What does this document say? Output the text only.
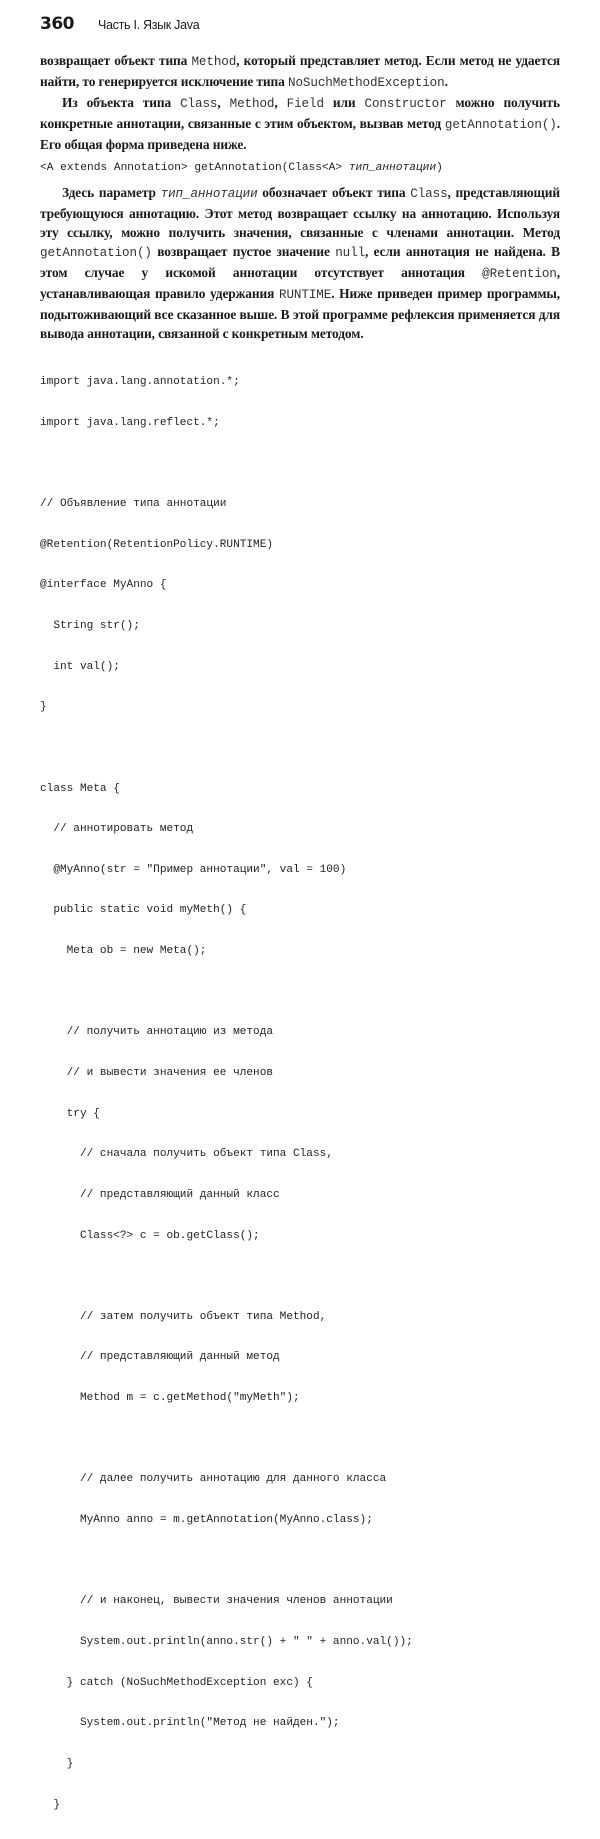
360	Часть I. Язык Java

возвращает объект типа Method, который представляет метод. Если метод не удается найти, то генерируется исключение типа NoSuchMethodException.

Из объекта типа Class, Method, Field или Constructor можно получить конкретные аннотации, связанные с этим объектом, вызвав метод getAnnotation(). Его общая форма приведена ниже.

<A extends Annotation> getAnnotation(Class<A> тип_аннотации)

Здесь параметр тип_аннотации обозначает объект типа Class, представляющий требующуюся аннотацию. Этот метод возвращает ссылку на аннотацию. Используя эту ссылку, можно получить значения, связанные с членами аннотации. Метод getAnnotation() возвращает пустое значение null, если аннотация не найдена. В этом случае у искомой аннотации отсутствует аннотация @Retention, устанавливающая правило удержания RUNTIME. Ниже приведен пример программы, подытоживающий все сказанное выше. В этой программе рефлексия применяется для вывода аннотации, связанной с конкретным методом.

import java.lang.annotation.*;

import java.lang.reflect.*;

// Объявление типа аннотации

@Retention(RetentionPolicy.RUNTIME)

@interface MyAnno {

String str();

int val();

}

class Meta {

// аннотировать метод

@MyAnno(str = "Пример аннотации", val = 100)

public static void myMeth() {

Meta ob = new Meta();

// получить аннотацию из метода

// и вывести значения ее членов

try {

// сначала получить объект типа Class,

// представляющий данный класс

Class<?> c = ob.getClass();

// затем получить объект типа Method,

// представляющий данный метод

Method m = c.getMethod("myMeth");

// далее получить аннотацию для данного класса

MyAnno anno = m.getAnnotation(MyAnno.class);

// и наконец, вывести значения членов аннотации

System.out.println(anno.str() + " " + anno.val());

} catch (NoSuchMethodException exc) {

System.out.println("Метод не найден.");

}

}
